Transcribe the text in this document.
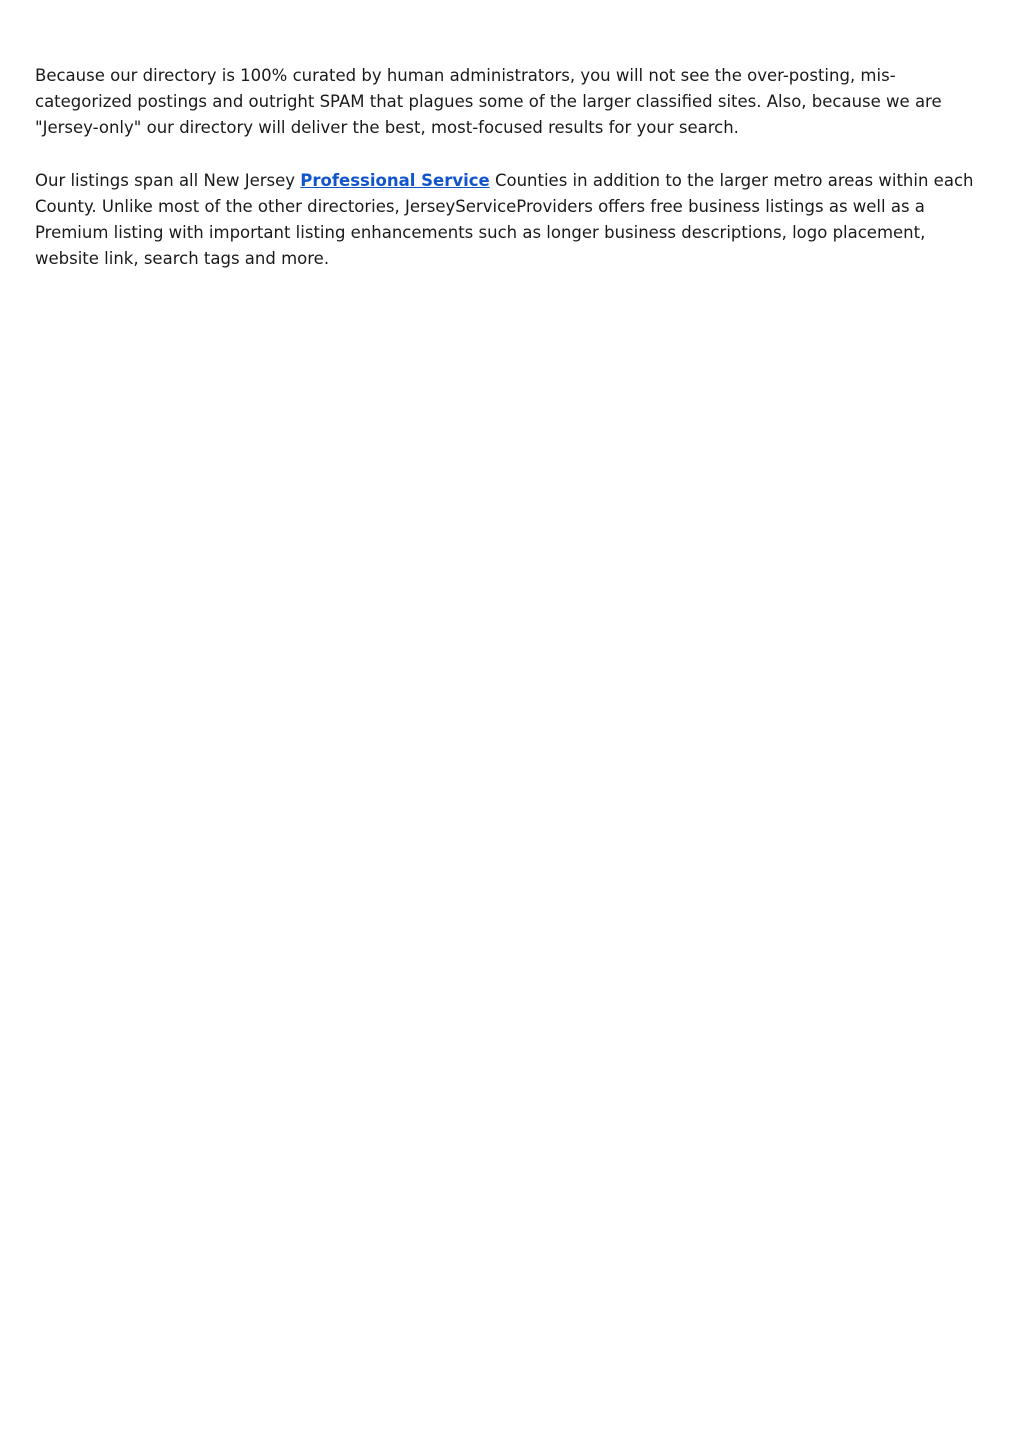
Because our directory is 100% curated by human administrators, you will not see the over-posting, mis-categorized postings and outright SPAM that plagues some of the larger classified sites. Also, because we are "Jersey-only" our directory will deliver the best, most-focused results for your search.

Our listings span all New Jersey Professional Service Counties in addition to the larger metro areas within each County. Unlike most of the other directories, JerseyServiceProviders offers free business listings as well as a Premium listing with important listing enhancements such as longer business descriptions, logo placement, website link, search tags and more.
